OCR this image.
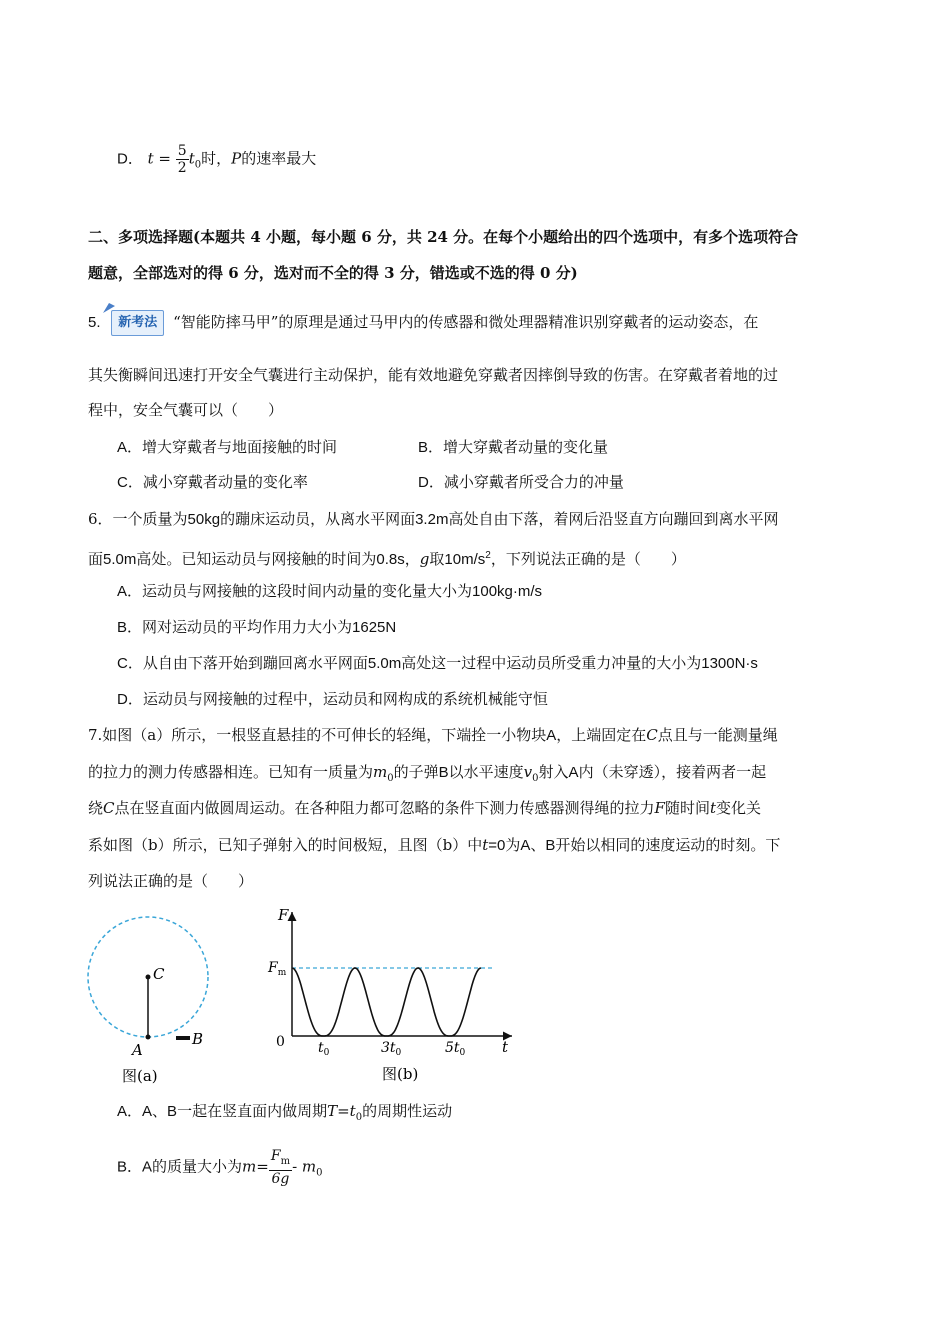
D． $t = \frac{5}{2} t_0$时，P的速率最大
二、多项选择题(本题共 4 小题，每小题 6 分，共 24 分。在每个小题给出的四个选项中，有多个选项符合
题意，全部选对的得 6 分，选对而不全的得 3 分，错选或不选的得 0 分)
5. 新考法 “智能防摔马甲”的原理是通过马甲内的传感器和微处理器精准识别穿戴者的运动姿态，在
其失衡瞬间迅速打开安全气囊进行主动保护，能有效地避免穿戴者因摔倒导致的伤害。在穿戴者着地的过
程中，安全气囊可以（　　）
A．增大穿戴者与地面接触的时间	B．增大穿戴者动量的变化量
C．减小穿戴者动量的变化率	D．减小穿戴者所受合力的冲量
6．一个质量为50kg的蹦床运动员，从离水平网面3.2m高处自由下落，着网后沿竖直方向蹦回到离水平网
面5.0m高处。已知运动员与网接触的时间为0.8s，g取$10m/s^2$，下列说法正确的是（　　）
A．运动员与网接触的这段时间内动量的变化量大小为100kg·m/s
B．网对运动员的平均作用力大小为1625N
C．从自由下落开始到蹦回离水平网面5.0m高处这一过程中运动员所受重力冲量的大小为1300N·s
D．运动员与网接触的过程中，运动员和网构成的系统机械能守恒
7.如图（a）所示，一根竖直悬挂的不可伸长的轻绳，下端拴一小物块A，上端固定在C点且与一能测量绳
的拉力的测力传感器相连。已知有一质量为$m_0$的子弹B以水平速度$v_0$射入A内（未穿透），接着两者一起
绕C点在竖直面内做圆周运动。在各种阻力都可忽略的条件下测力传感器测得绳的拉力F随时间t变化关
系如图（b）所示，已知子弹射入的时间极短，且图（b）中t=0为A、B开始以相同的速度运动的时刻。下
列说法正确的是（　　）
C
A
B
图(a)
F
t
$F_m$
0 $t_0$	$3t_0$	$5t_0$
图(b)
A．A、B一起在竖直面内做周期$T=t_0$的周期性运动
B．A的质量大小为$m= \frac{F_m}{6g} - m_0$
